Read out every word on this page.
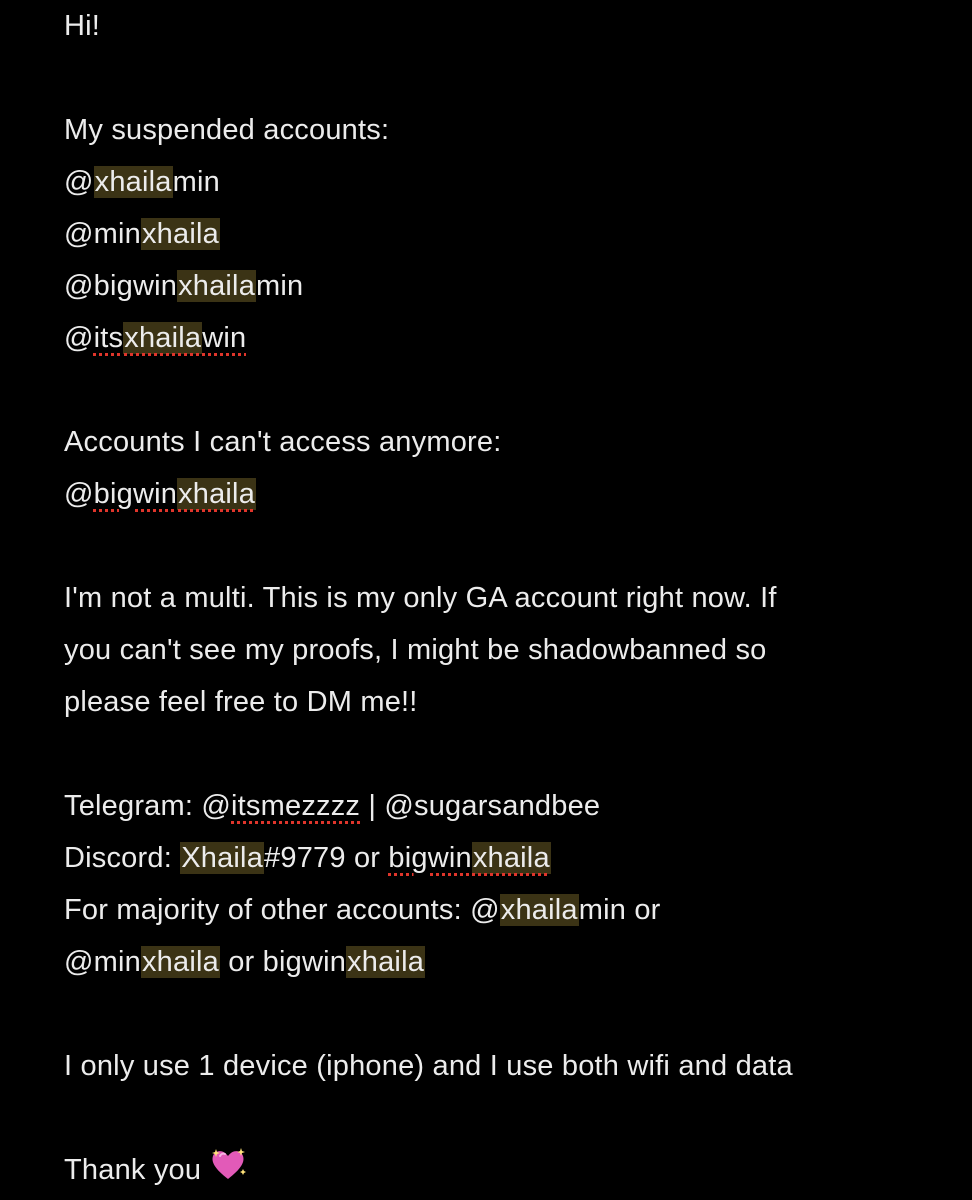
Hi!
My suspended accounts:
@xhailamin
@minxhaila
@bigwinxhailamin
@itsxhailawin
Accounts I can't access anymore:
@bigwinxhaila
I'm not a multi. This is my only GA account right now. If
you can't see my proofs, I might be shadowbanned so
please feel free to DM me!!
Telegram: @itsmezzzz | @sugarsandbee
Discord: Xhaila#9779 or bigwinxhaila
For majority of other accounts: @xhailamin or
@minxhaila or bigwinxhaila
I only use 1 device (iphone) and I use both wifi and data
Thank you
